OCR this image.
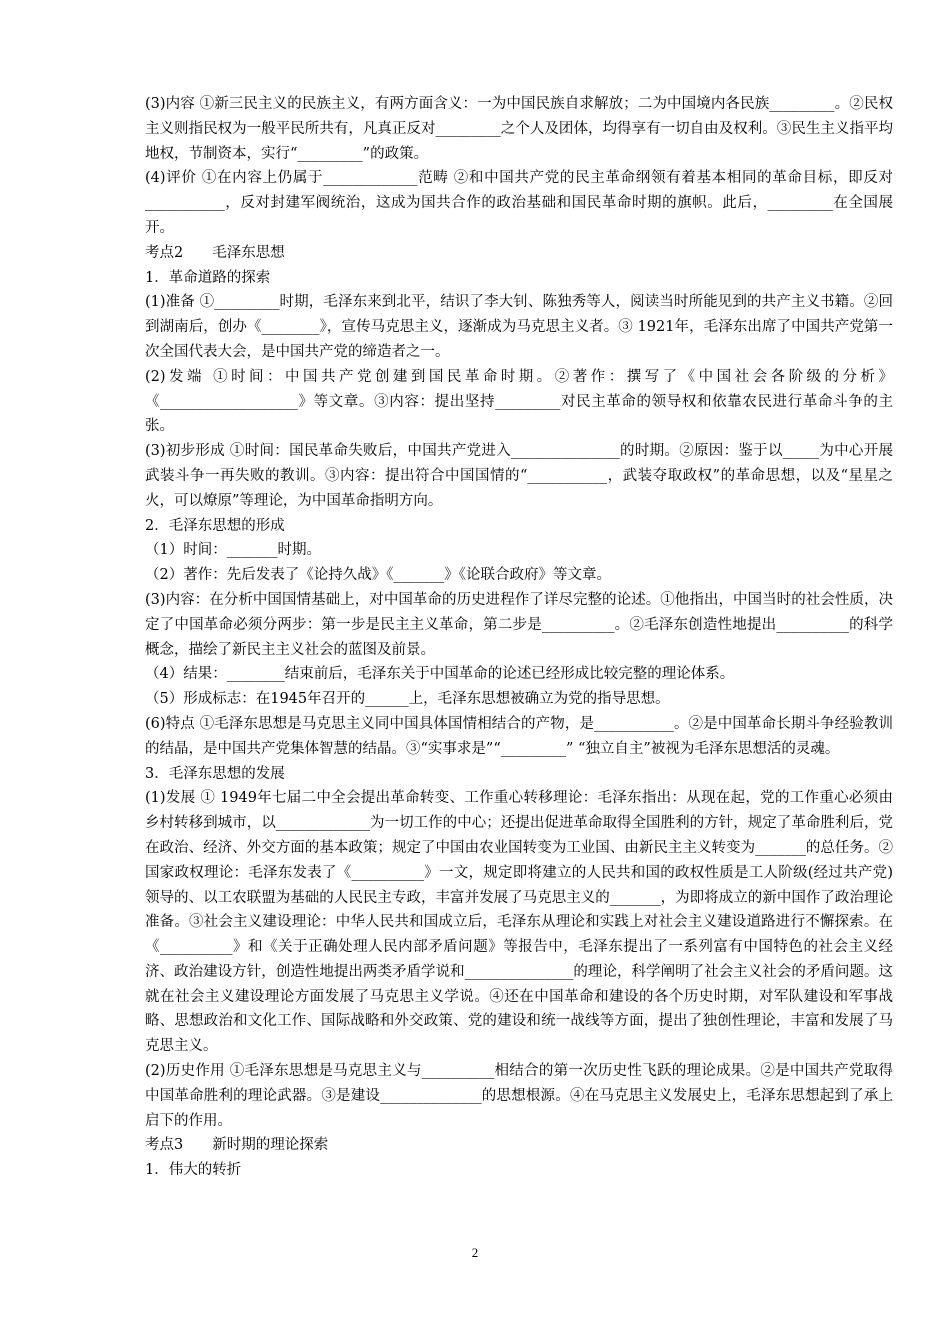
(3)内容 ①新三民主义的民族主义，有两方面含义：一为中国民族自求解放；二为中国境内各民族_________。②民权主义则指民权为一般平民所共有，凡真正反对_________之个人及团体，均得享有一切自由及权利。③民生主义指平均地权，节制资本，实行“_________”的政策。

(4)评价 ①在内容上仍属于_____________范畴 ②和中国共产党的民主革命纲领有着基本相同的革命目标，即反对___________，反对封建军阀统治，这成为国共合作的政治基础和国民革命时期的旗帜。此后，_________在全国展开。

考点2　　毛泽东思想

1．革命道路的探索

(1)准备 ①_________时期，毛泽东来到北平，结识了李大钊、陈独秀等人，阅读当时所能见到的共产主义书籍。②回到湖南后，创办《________》，宣传马克思主义，逐渐成为马克思主义者。③ 1921年，毛泽东出席了中国共产党第一次全国代表大会，是中国共产党的缔造者之一。

(2)发端 ①时间：中国共产党创建到国民革命时期。②著作：撰写了《中国社会各阶级的分析》《___________________》等文章。③内容：提出坚持_________对民主革命的领导权和依靠农民进行革命斗争的主张。

(3)初步形成 ①时间：国民革命失败后，中国共产党进入_______________的时期。②原因：鉴于以_____为中心开展武装斗争一再失败的教训。③内容：提出符合中国国情的“___________，武装夺取政权”的革命思想，以及“星星之火，可以燎原”等理论，为中国革命指明方向。

2．毛泽东思想的形成

（1）时间：_______时期。

（2）著作：先后发表了《论持久战》《_______》《论联合政府》等文章。

(3)内容：在分析中国国情基础上，对中国革命的历史进程作了详尽完整的论述。①他指出，中国当时的社会性质，决定了中国革命必须分两步：第一步是民主主义革命，第二步是__________。②毛泽东创造性地提出__________的科学概念，描绘了新民主主义社会的蓝图及前景。

（4）结果：________结束前后，毛泽东关于中国革命的论述已经形成比较完整的理论体系。

（5）形成标志：在1945年召开的______上，毛泽东思想被确立为党的指导思想。

(6)特点 ①毛泽东思想是马克思主义同中国具体国情相结合的产物，是___________。②是中国革命长期斗争经验教训的结晶，是中国共产党集体智慧的结晶。③“实事求是”“_________” “独立自主”被视为毛泽东思想活的灵魂。

3．毛泽东思想的发展

(1)发展 ① 1949年七届二中全会提出革命转变、工作重心转移理论：毛泽东指出：从现在起，党的工作重心必须由乡村转移到城市，以_____________为一切工作的中心；还提出促进革命取得全国胜利的方针，规定了革命胜利后，党在政治、经济、外交方面的基本政策；规定了中国由农业国转变为工业国、由新民主主义转变为_______的总任务。②国家政权理论：毛泽东发表了《__________》一文，规定即将建立的人民共和国的政权性质是工人阶级(经过共产党)领导的、以工农联盟为基础的人民民主专政，丰富并发展了马克思主义的_______，为即将成立的新中国作了政治理论准备。③社会主义建设理论：中华人民共和国成立后，毛泽东从理论和实践上对社会主义建设道路进行不懈探索。在《__________》和《关于正确处理人民内部矛盾问题》等报告中，毛泽东提出了一系列富有中国特色的社会主义经济、政治建设方针，创造性地提出两类矛盾学说和_______________的理论，科学阐明了社会主义社会的矛盾问题。这就在社会主义建设理论方面发展了马克思主义学说。④还在中国革命和建设的各个历史时期，对军队建设和军事战略、思想政治和文化工作、国际战略和外交政策、党的建设和统一战线等方面，提出了独创性理论，丰富和发展了马克思主义。

(2)历史作用 ①毛泽东思想是马克思主义与__________相结合的第一次历史性飞跃的理论成果。②是中国共产党取得中国革命胜利的理论武器。③是建设______________的思想根源。④在马克思主义发展史上，毛泽东思想起到了承上启下的作用。

考点3　　新时期的理论探索

1．伟大的转折

2
